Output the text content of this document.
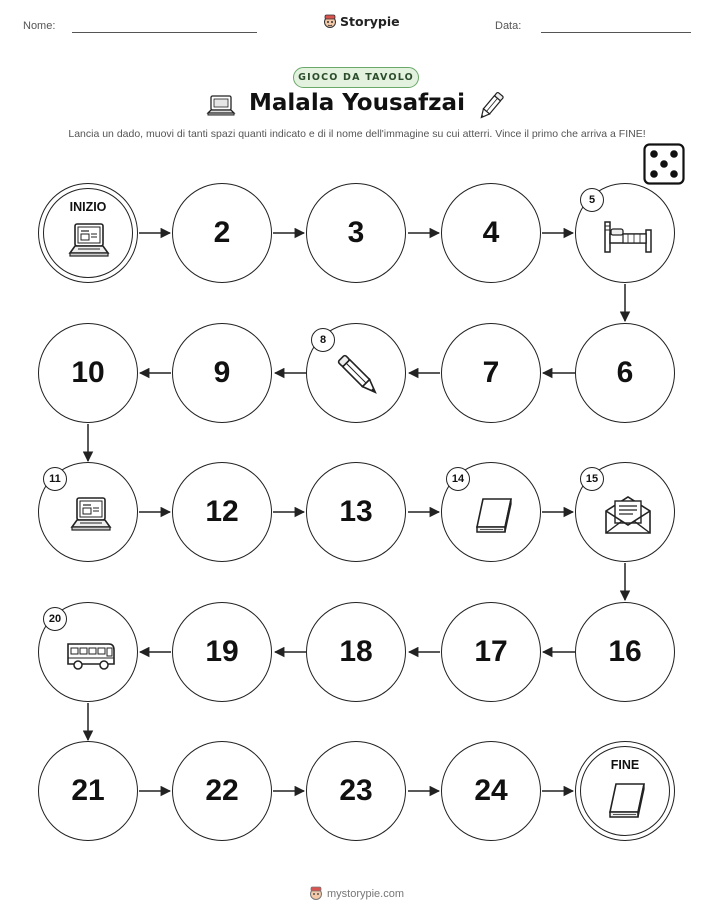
Nome:	Storypie	Data:
GIOCO DA TAVOLO
Malala Yousafzai
Lancia un dado, muovi di tanti spazi quanti indicato e di il nome dell'immagine su cui atterri. Vince il primo che arriva a FINE!
INIZIO
2	3	4
5
6
7
8
9
10
11
12	13
14	15
16
17
18
19
20
21	22	23	24
FINE
mystorypie.com
